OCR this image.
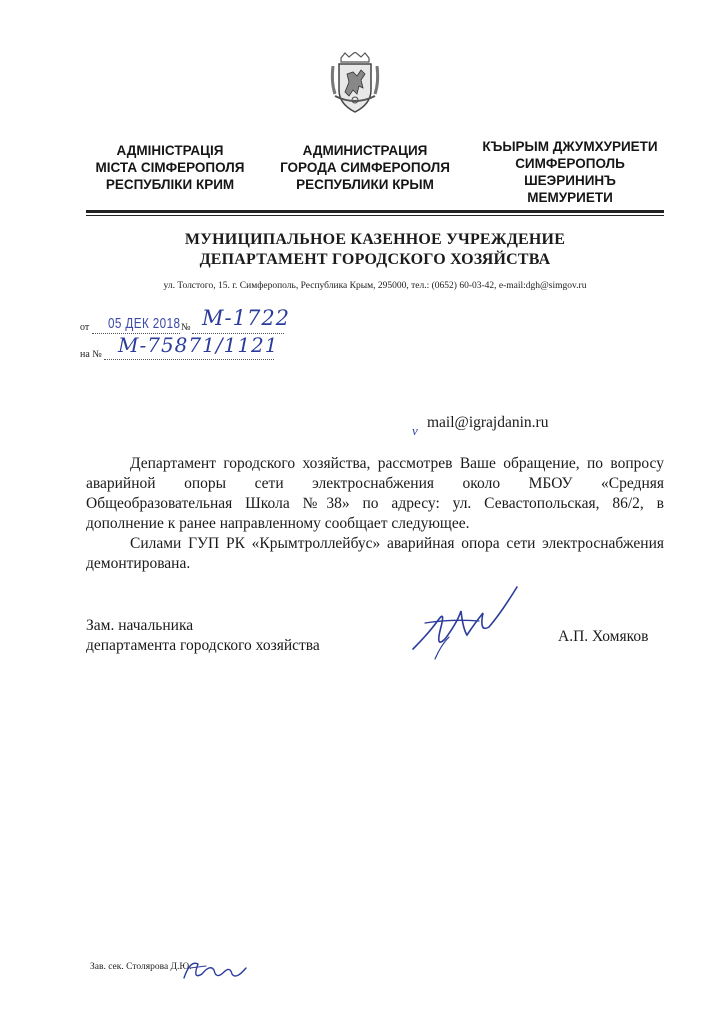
АДМІНІСТРАЦІЯ
МІСТА СІМФЕРОПОЛЯ
РЕСПУБЛІКИ КРИМ
АДМИНИСТРАЦИЯ
ГОРОДА СИМФЕРОПОЛЯ
РЕСПУБЛИКИ КРЫМ
КЪЫРЫМ ДЖУМХУРИЕТИ
СИМФЕРОПОЛЬ
ШЕЭРИНИНЪ
МЕМУРИЕТИ
МУНИЦИПАЛЬНОЕ КАЗЕННОЕ УЧРЕЖДЕНИЕ
ДЕПАРТАМЕНТ ГОРОДСКОГО ХОЗЯЙСТВА
ул. Толстого, 15. г. Симферополь, Республика Крым, 295000, тел.: (0652) 60-03-42, e-mail:dgh@simgov.ru
от 05 ДЕК 2018 № М-1722
на № М-75871/1121
v mail@igrajdanin.ru
Департамент городского хозяйства, рассмотрев Ваше обращение, по вопросу аварийной опоры сети электроснабжения около МБОУ «Средняя Общеобразовательная Школа №38» по адресу: ул. Севастопольская, 86/2, в дополнение к ранее направленному сообщает следующее.
Силами ГУП РК «Крымтроллейбус» аварийная опора сети электроснабжения демонтирована.
Зам. начальника
департамента городского хозяйства
А.П. Хомяков
Зав. сек. Столярова Д.Ю.
